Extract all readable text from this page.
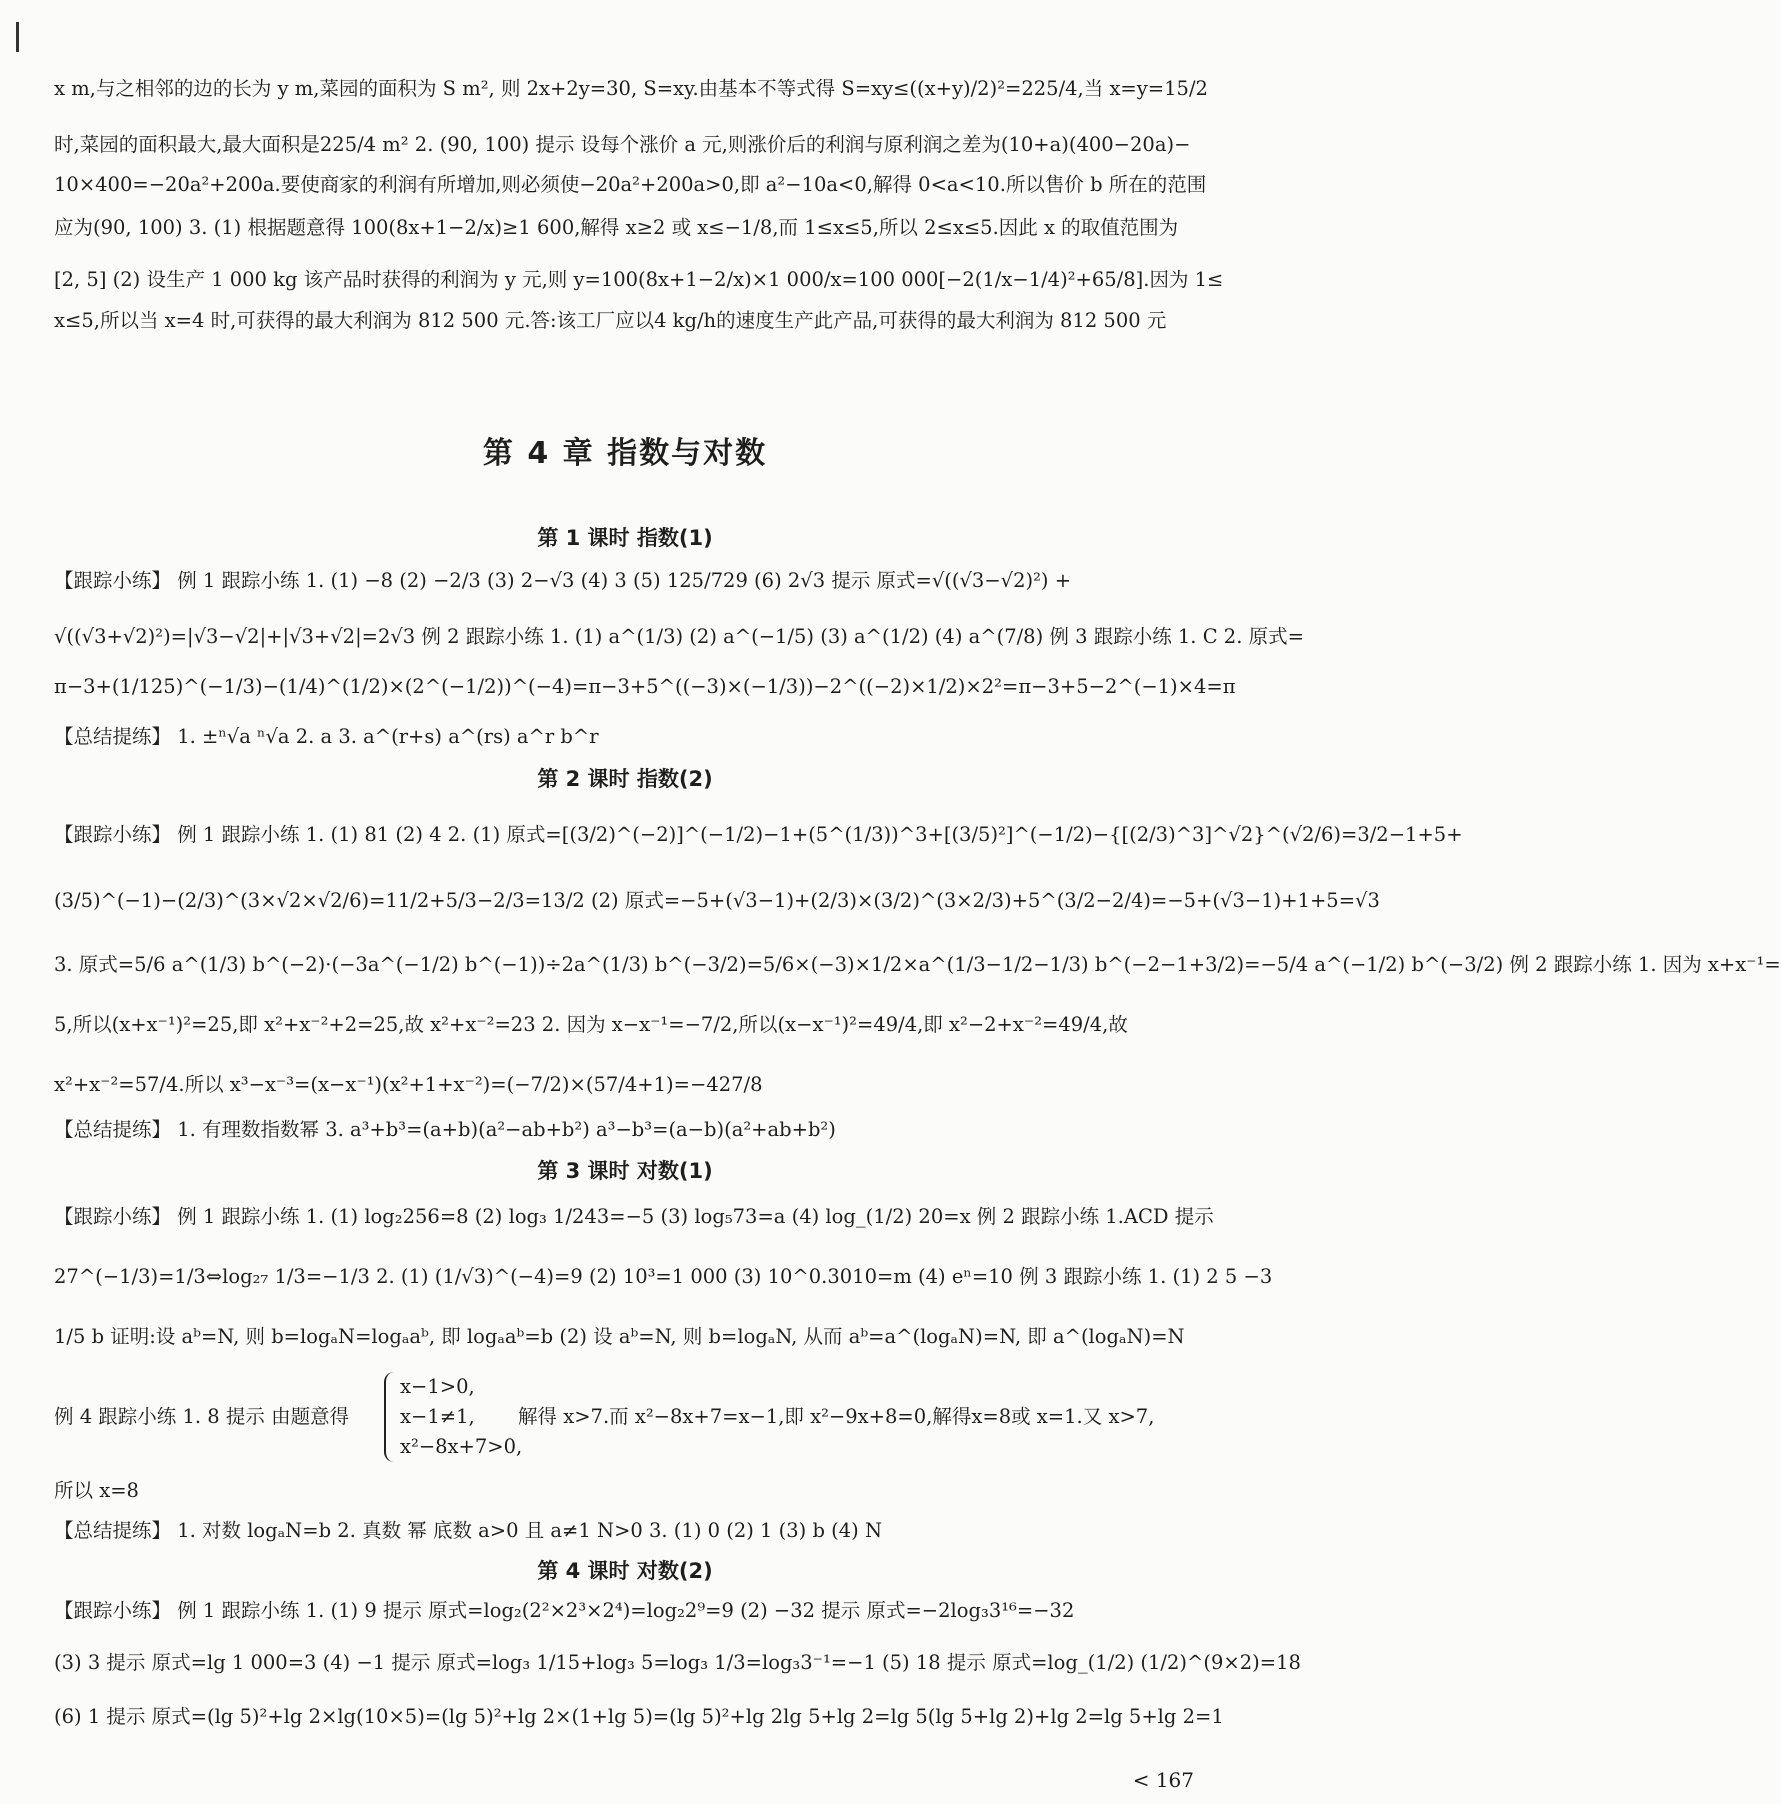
x m,与之相邻的边的长为 y m,菜园的面积为 S m², 则 2x+2y=30, S=xy.由基本不等式得 S=xy≤((x+y)/2)²=225/4,当 x=y=15/2
时,菜园的面积最大,最大面积是225/4 m² 2. (90, 100) 提示 设每个涨价 a 元,则涨价后的利润与原利润之差为(10+a)(400−20a)−
10×400=−20a²+200a.要使商家的利润有所增加,则必须使−20a²+200a>0,即 a²−10a<0,解得 0<a<10.所以售价 b 所在的范围
应为(90, 100) 3. (1) 根据题意得 100(8x+1−2/x)≥1 600,解得 x≥2 或 x≤−1/8,而 1≤x≤5,所以 2≤x≤5.因此 x 的取值范围为
[2, 5] (2) 设生产 1 000 kg 该产品时获得的利润为 y 元,则 y=100(8x+1−2/x)×1 000/x=100 000[−2(1/x−1/4)²+65/8].因为 1≤
x≤5,所以当 x=4 时,可获得的最大利润为 812 500 元.答:该工厂应以4 kg/h的速度生产此产品,可获得的最大利润为 812 500 元
第 4 章 指数与对数
第 1 课时 指数(1)
【跟踪小练】 例 1 跟踪小练 1. (1) −8 (2) −2/3 (3) 2−√3 (4) 3 (5) 125/729 (6) 2√3 提示 原式=√((√3−√2)²) +
√((√3+√2)²)=|√3−√2|+|√3+√2|=2√3 例 2 跟踪小练 1. (1) a^(1/3) (2) a^(−1/5) (3) a^(1/2) (4) a^(7/8) 例 3 跟踪小练 1. C 2. 原式=
π−3+(1/125)^(−1/3)−(1/4)^(1/2)×(2^(−1/2))^(−4)=π−3+5^((−3)×(−1/3))−2^((−2)×1/2)×2²=π−3+5−2^(−1)×4=π
【总结提练】 1. ±ⁿ√a ⁿ√a 2. a 3. a^(r+s) a^(rs) a^r b^r
第 2 课时 指数(2)
【跟踪小练】 例 1 跟踪小练 1. (1) 81 (2) 4 2. (1) 原式=[(3/2)^(−2)]^(−1/2)−1+(5^(1/3))^3+[(3/5)²]^(−1/2)−{[(2/3)^3]^√2}^(√2/6)=3/2−1+5+
(3/5)^(−1)−(2/3)^(3×√2×√2/6)=11/2+5/3−2/3=13/2 (2) 原式=−5+(√3−1)+(2/3)×(3/2)^(3×2/3)+5^(3/2−2/4)=−5+(√3−1)+1+5=√3
3. 原式=5/6 a^(1/3) b^(−2)·(−3a^(−1/2) b^(−1))÷2a^(1/3) b^(−3/2)=5/6×(−3)×1/2×a^(1/3−1/2−1/3) b^(−2−1+3/2)=−5/4 a^(−1/2) b^(−3/2) 例 2 跟踪小练 1. 因为 x+x⁻¹=
5,所以(x+x⁻¹)²=25,即 x²+x⁻²+2=25,故 x²+x⁻²=23 2. 因为 x−x⁻¹=−7/2,所以(x−x⁻¹)²=49/4,即 x²−2+x⁻²=49/4,故
x²+x⁻²=57/4.所以 x³−x⁻³=(x−x⁻¹)(x²+1+x⁻²)=(−7/2)×(57/4+1)=−427/8
【总结提练】 1. 有理数指数幂 3. a³+b³=(a+b)(a²−ab+b²) a³−b³=(a−b)(a²+ab+b²)
第 3 课时 对数(1)
【跟踪小练】 例 1 跟踪小练 1. (1) log₂256=8 (2) log₃ 1/243=−5 (3) log₅73=a (4) log_(1/2) 20=x 例 2 跟踪小练 1.ACD 提示
27^(−1/3)=1/3⇔log₂₇ 1/3=−1/3 2. (1) (1/√3)^(−4)=9 (2) 10³=1 000 (3) 10^0.3010=m (4) eⁿ=10 例 3 跟踪小练 1. (1) 2 5 −3
1/5 b 证明:设 aᵇ=N, 则 b=logₐN=logₐaᵇ, 即 logₐaᵇ=b (2) 设 aᵇ=N, 则 b=logₐN, 从而 aᵇ=a^(logₐN)=N, 即 a^(logₐN)=N
例 4 跟踪小练 1. 8 提示 由题意得
x−1>0,
x−1≠1,
x²−8x+7>0,
解得 x>7.而 x²−8x+7=x−1,即 x²−9x+8=0,解得x=8或 x=1.又 x>7,
所以 x=8
【总结提练】 1. 对数 logₐN=b 2. 真数 幂 底数 a>0 且 a≠1 N>0 3. (1) 0 (2) 1 (3) b (4) N
第 4 课时 对数(2)
【跟踪小练】 例 1 跟踪小练 1. (1) 9 提示 原式=log₂(2²×2³×2⁴)=log₂2⁹=9 (2) −32 提示 原式=−2log₃3¹⁶=−32
(3) 3 提示 原式=lg 1 000=3 (4) −1 提示 原式=log₃ 1/15+log₃ 5=log₃ 1/3=log₃3⁻¹=−1 (5) 18 提示 原式=log_(1/2) (1/2)^(9×2)=18
(6) 1 提示 原式=(lg 5)²+lg 2×lg(10×5)=(lg 5)²+lg 2×(1+lg 5)=(lg 5)²+lg 2lg 5+lg 2=lg 5(lg 5+lg 2)+lg 2=lg 5+lg 2=1
< 167
